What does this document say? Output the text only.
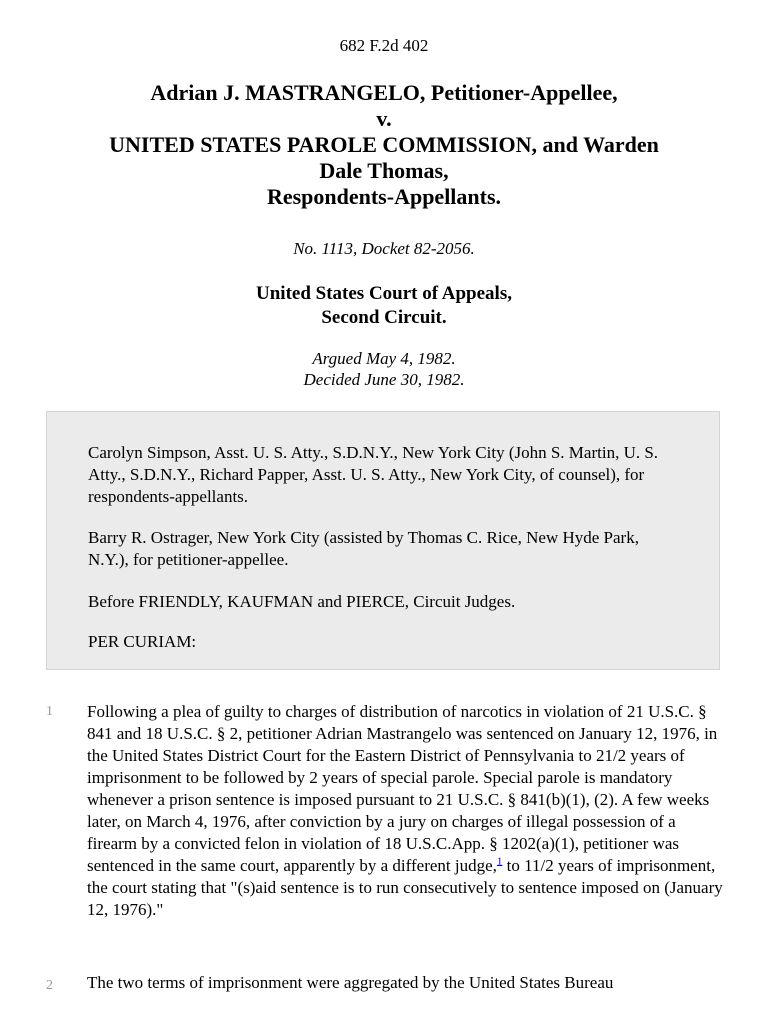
682 F.2d 402
Adrian J. MASTRANGELO, Petitioner-Appellee,
v.
UNITED STATES PAROLE COMMISSION, and Warden
Dale Thomas,
Respondents-Appellants.
No. 1113, Docket 82-2056.
United States Court of Appeals,
Second Circuit.
Argued May 4, 1982.
Decided June 30, 1982.

Carolyn Simpson, Asst. U. S. Atty., S.D.N.Y., New York City (John S. Martin, U. S. Atty., S.D.N.Y., Richard Papper, Asst. U. S. Atty., New York City, of counsel), for respondents-appellants.

Barry R. Ostrager, New York City (assisted by Thomas C. Rice, New Hyde Park, N.Y.), for petitioner-appellee.

Before FRIENDLY, KAUFMAN and PIERCE, Circuit Judges.

PER CURIAM:

1 Following a plea of guilty to charges of distribution of narcotics in violation of 21 U.S.C. § 841 and 18 U.S.C. § 2, petitioner Adrian Mastrangelo was sentenced on January 12, 1976, in the United States District Court for the Eastern District of Pennsylvania to 21/2 years of imprisonment to be followed by 2 years of special parole. Special parole is mandatory whenever a prison sentence is imposed pursuant to 21 U.S.C. § 841(b)(1), (2). A few weeks later, on March 4, 1976, after conviction by a jury on charges of illegal possession of a firearm by a convicted felon in violation of 18 U.S.C.App. § 1202(a)(1), petitioner was sentenced in the same court, apparently by a different judge,$^1$ to 11/2 years of imprisonment, the court stating that "(s)aid sentence is to run consecutively to sentence imposed on (January 12, 1976)."
2 The two terms of imprisonment were aggregated by the United States Bureau
